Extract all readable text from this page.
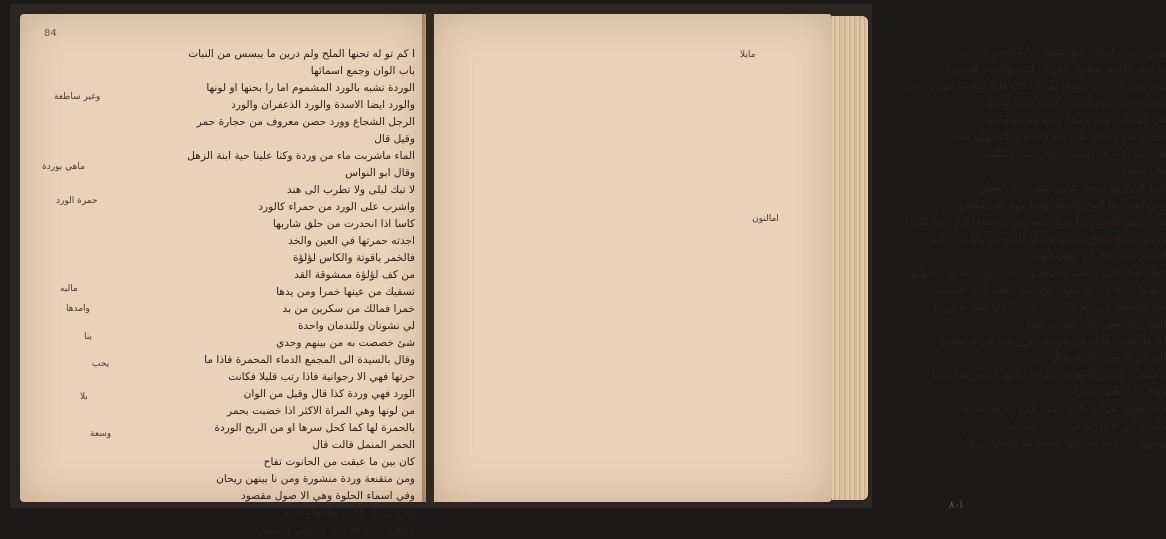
84
ا كم تو له تحنها الملح ولم درين ما يبسس من النبات
باب الوان وجمع اسمائها
الوردة تشبه بالورد المشموم اما را بحنها او لونها
والورد ايضا الاسدة والورد الذعفران والورد
الرجل الشجاع وورد حصن معروف من حجارة حمر
وقيل قال
الماء ماشربت ماء من وردة وكنا علينا حية ابنة الزهل
وقال ابو النواس
لا تبك ليلى ولا تطرب الى هند
واشرب على الورد من حمراء كالورد
كاسا اذا انحدرت من حلق شاربها
اجدته حمرتها في العين والخد
فالخمر ياقوتة والكاس لؤلؤة
من كف لؤلؤة ممشوقة القد
تسقيك من عينها خمرا ومن يدها
خمرا فمالك من سكرين من بد
لي نشوتان وللندمان واحدة
شئ خصصت به من بينهم وحدي
وقال بالسيدة الى المجمع الدماء المحمرة فاذا ما
حرتها فهي الا رجوانية فاذا رتب قليلا فكانت
الورد فهي وردة كذا قال وقيل من الوان
من لونها وهي المراة الاكثر اذا خضبت بحمر
بالحمرة لها كما كحل سرها او من الريح الوردة
الحمر المنمل قالت قال
كان بين ما عبقت من الحانوت تفاح
ومن متقنعة وردة منشورة ومن نا بينهن ريحان
وفي اسماء الحلوة وهي الا صول مقصود
وقرأ لرجل الكرم وقالوا وقاره
وتوفي الذي كلا مثل الاخضر والاصفر
وغير ساطعة
ماهي بوردة
حمرة الورد
ماليه
وامدها
يحب
وسعة
بلا
بنا
ا٨٠
ومن اسماء التمام لانها تنتفخ ابدا والاسم الحديث
ته ويته بالكسر ولقول التي اذا انتبه والاسم البصيرة
بنته بشاد لاله باب المضاعف اذا كان قليلا منه مكسورة اللخي
معتدة بالاحرف والحدة والرتبة وبيته وعدة
في الشراب بعله وسده وبيته وهيئته وحته
بحبه وعده وجدها على لغة واحدة وانا نسهلها بعده
هذا انما الاحرف المعتدل التي تسد والكسر
قال الشاعر
نامة الريح تها نتجت تقصر عنها نفحة العطر
ومن اسماءها النبح والتبيلة وهما موتر تان مكسورتان
من قولهم كالخمر اذا تنبيه بنابه وهو ينبح شدا لولا تنبيح التبوء
والتبوة الثام ينتفخ ويحكم في لم تشته نار وانا ثم رواية
اذا الم تسم قال ابو ذؤيب الهذلي
عقار كماء التي ليست بخمطة ولا خلة يكوي الشروب شهابها
شهابها بارها وحدتها تعوده لون من اللحم الذي تلبست
مكا الخمطة التي لم تذكر بعد وكذا الخلة التي تحاوزت
الغذر وقد تغير وقال الهذلي ايضا
اذا ما نشتت مالك في عرضه ودرق فيه قي او تنضيح
الغريض المعنى الجيد وقال اخر
لا تسعين الخمر الانية قد منه قد اذا ثم الحمر ما انضحا
وقال اخر يصف خمرا
وما طلوها ثمرات ملائم سنين كلية ذكرها سراج
وانشد ابن الاعرابي لرجل من بني اسد
وسهها جرجانية محكمها بدا مر لم تولدتها بيرها
مايلا
امالنون
